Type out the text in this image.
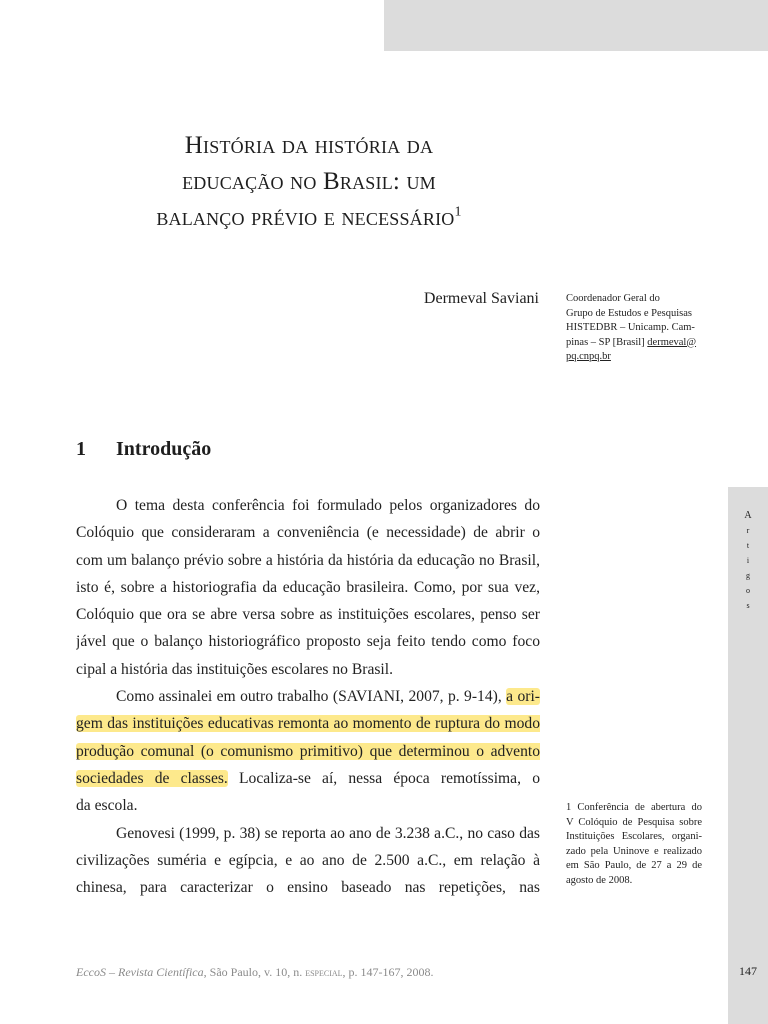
A
r
t
i
g
o
s
História da história da
educação no Brasil: um
balanço prévio e necessário$^1$
Dermeval Saviani	Coordenador Geral do
Grupo de Estudos e Pesquisas
HISTEDBR – Unicamp. Cam-
pinas – SP [Brasil] dermeval@
pq.cnpq.br
1 Introdução
O tema desta conferência foi formulado pelos organizadores do
Colóquio que consideraram a conveniência (e necessidade) de abrir o
com um balanço prévio sobre a história da história da educação no Brasil,
isto é, sobre a historiografia da educação brasileira. Como, por sua vez,
Colóquio que ora se abre versa sobre as instituições escolares, penso ser
jável que o balanço historiográfico proposto seja feito tendo como foco
cipal a história das instituições escolares no Brasil.
Como assinalei em outro trabalho (SAVIANI, 2007, p. 9-14), a ori-
gem das instituições educativas remonta ao momento de ruptura do modo
produção comunal (o comunismo primitivo) que determinou o advento
sociedades de classes. Localiza-se aí, nessa época remotíssima, o
da escola.
Genovesi (1999, p. 38) se reporta ao ano de 3.238 a.C., no caso das
civilizações suméria e egípcia, e ao ano de 2.500 a.C., em relação à
chinesa, para caracterizar o ensino baseado nas repetições, nas
1 Conferência de abertura do
V Colóquio de Pesquisa sobre
Instituições Escolares, organi-
zado pela Uninove e realizado
em São Paulo, de 27 a 29 de
agosto de 2008.
EccoS – Revista Científica, São Paulo, v. 10, n. especial, p. 147-167, 2008.	147
